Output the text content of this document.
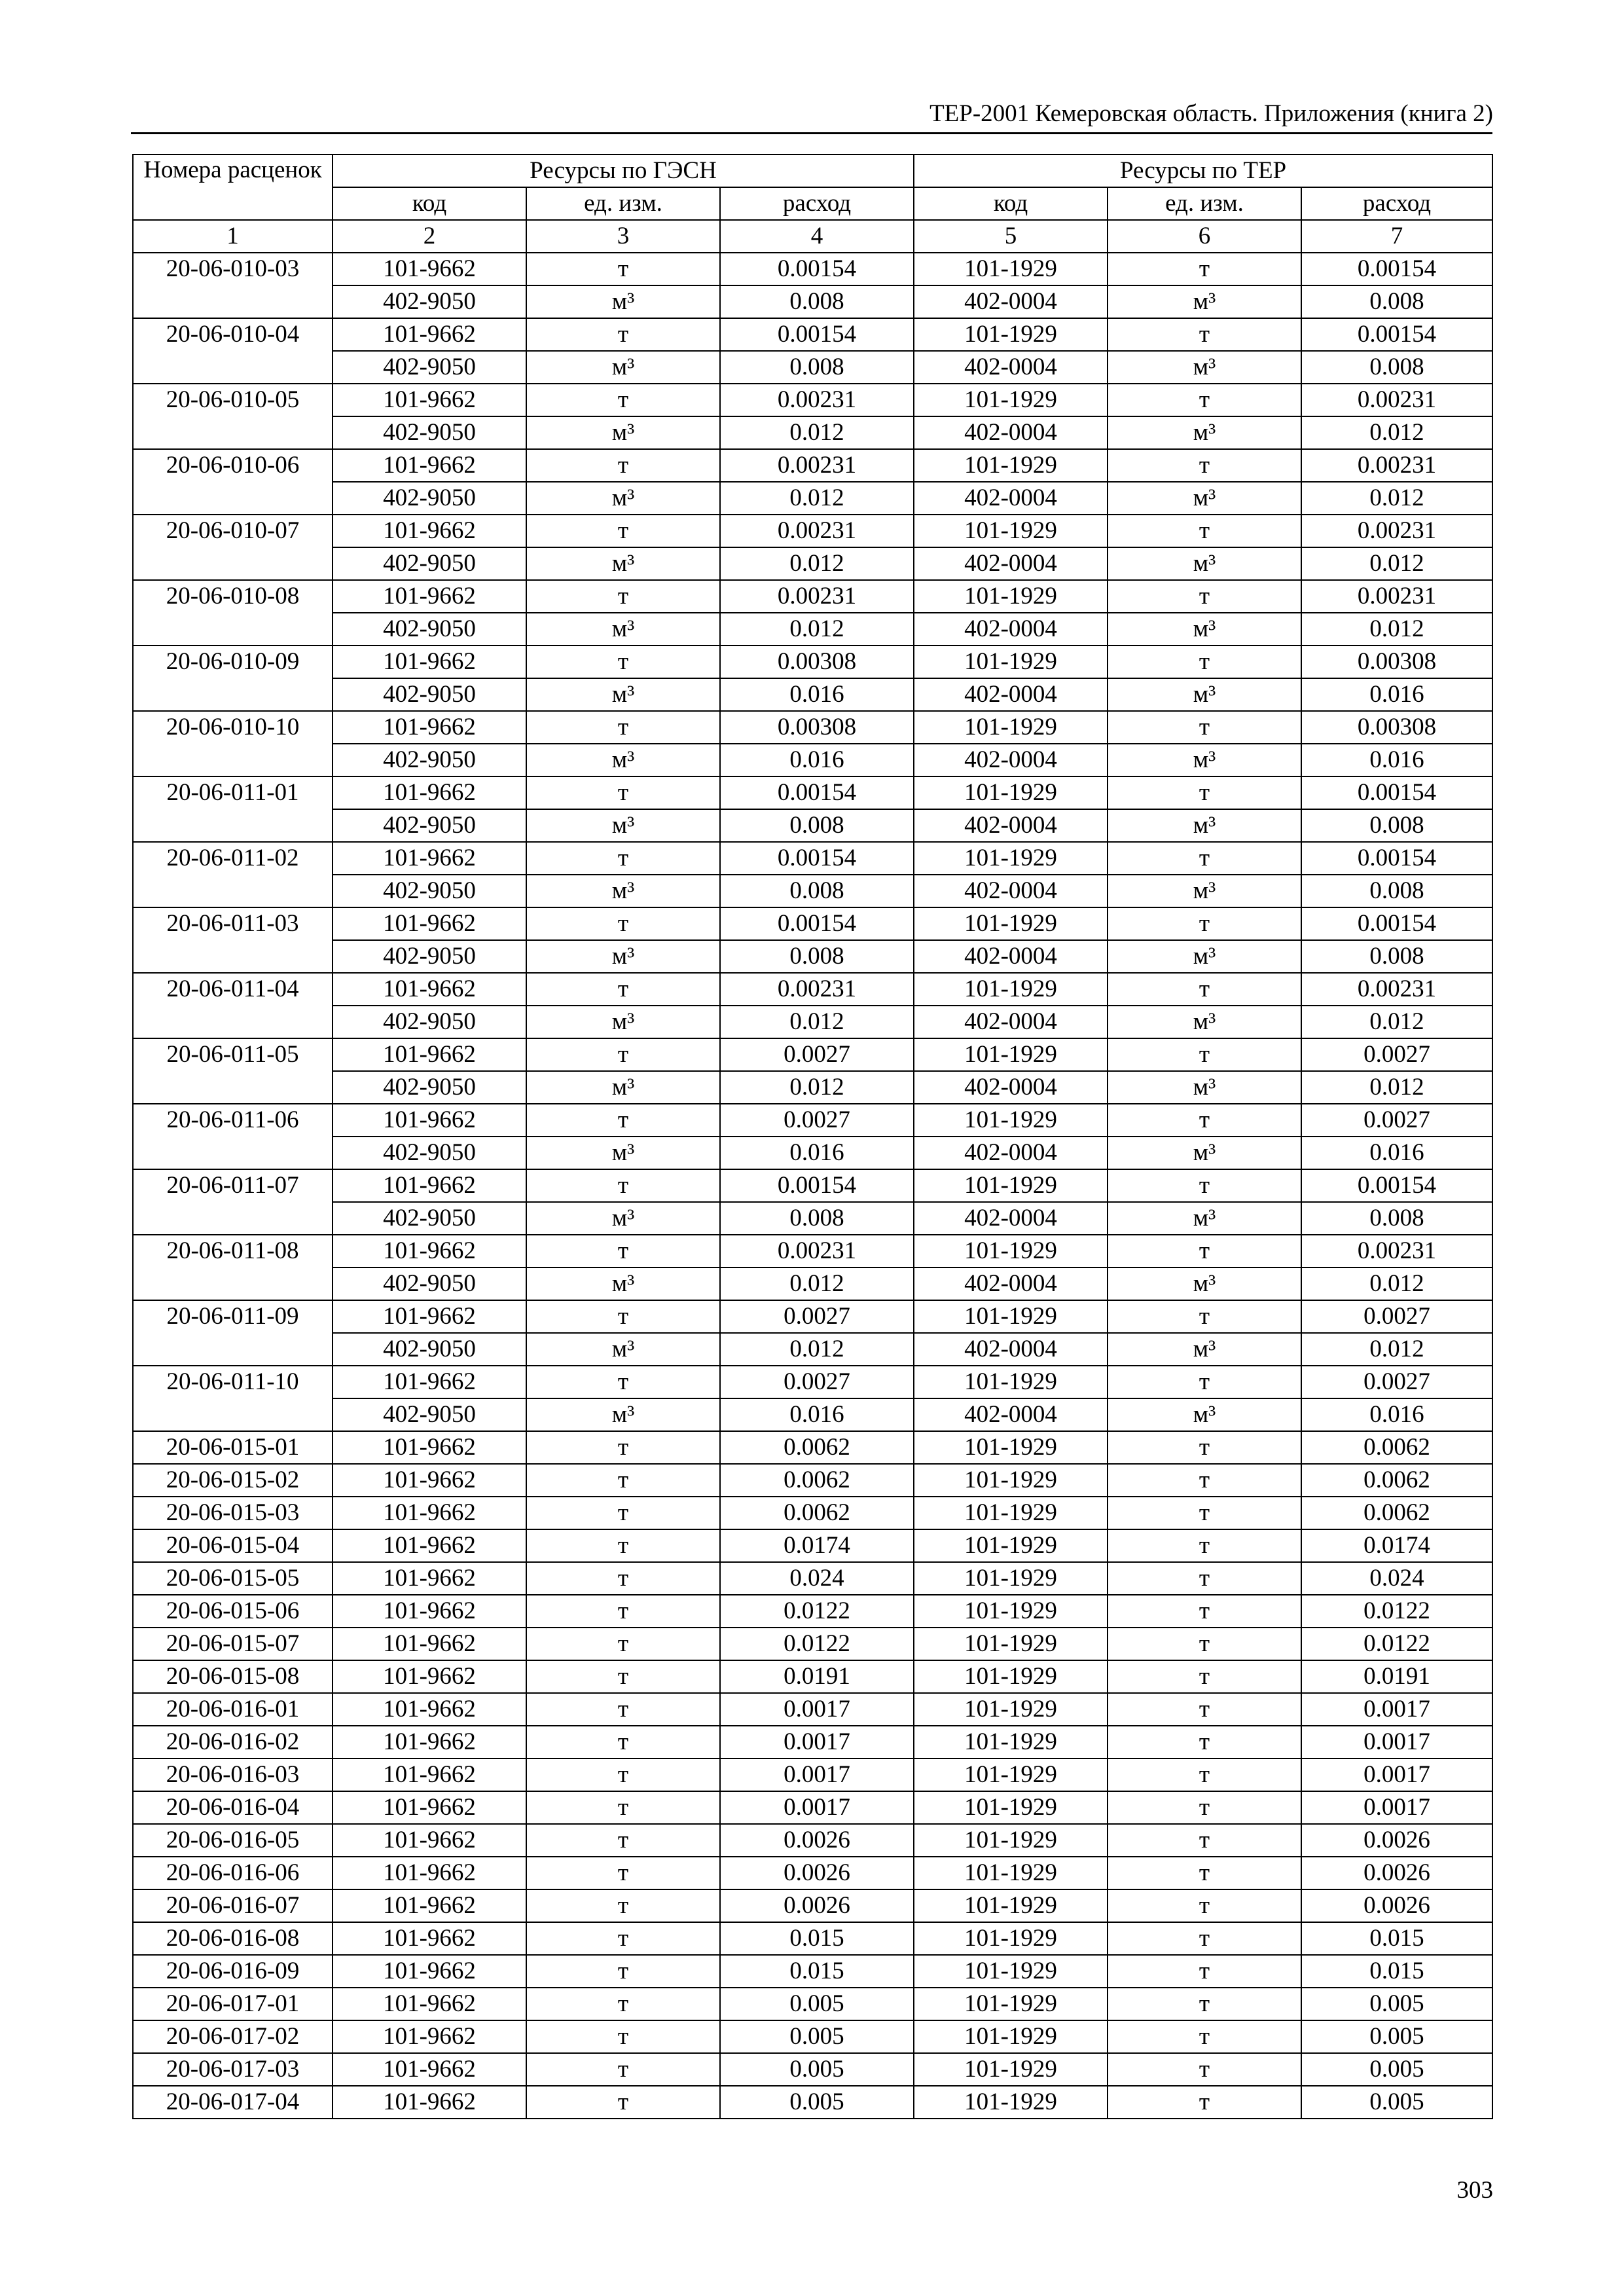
ТЕР-2001 Кемеровская область. Приложения (книга 2)
Номера расценок	Ресурсы по ГЭСН			Ресурсы по ТЕР		
	код	ед. изм.	расход	код	ед. изм.	расход
1	2	3	4	5	6	7
20-06-010-03	101-9662	т	0.00154	101-1929	т	0.00154
	402-9050	м³	0.008	402-0004	м³	0.008
20-06-010-04	101-9662	т	0.00154	101-1929	т	0.00154
	402-9050	м³	0.008	402-0004	м³	0.008
20-06-010-05	101-9662	т	0.00231	101-1929	т	0.00231
	402-9050	м³	0.012	402-0004	м³	0.012
20-06-010-06	101-9662	т	0.00231	101-1929	т	0.00231
	402-9050	м³	0.012	402-0004	м³	0.012
20-06-010-07	101-9662	т	0.00231	101-1929	т	0.00231
	402-9050	м³	0.012	402-0004	м³	0.012
20-06-010-08	101-9662	т	0.00231	101-1929	т	0.00231
	402-9050	м³	0.012	402-0004	м³	0.012
20-06-010-09	101-9662	т	0.00308	101-1929	т	0.00308
	402-9050	м³	0.016	402-0004	м³	0.016
20-06-010-10	101-9662	т	0.00308	101-1929	т	0.00308
	402-9050	м³	0.016	402-0004	м³	0.016
20-06-011-01	101-9662	т	0.00154	101-1929	т	0.00154
	402-9050	м³	0.008	402-0004	м³	0.008
20-06-011-02	101-9662	т	0.00154	101-1929	т	0.00154
	402-9050	м³	0.008	402-0004	м³	0.008
20-06-011-03	101-9662	т	0.00154	101-1929	т	0.00154
	402-9050	м³	0.008	402-0004	м³	0.008
20-06-011-04	101-9662	т	0.00231	101-1929	т	0.00231
	402-9050	м³	0.012	402-0004	м³	0.012
20-06-011-05	101-9662	т	0.0027	101-1929	т	0.0027
	402-9050	м³	0.012	402-0004	м³	0.012
20-06-011-06	101-9662	т	0.0027	101-1929	т	0.0027
	402-9050	м³	0.016	402-0004	м³	0.016
20-06-011-07	101-9662	т	0.00154	101-1929	т	0.00154
	402-9050	м³	0.008	402-0004	м³	0.008
20-06-011-08	101-9662	т	0.00231	101-1929	т	0.00231
	402-9050	м³	0.012	402-0004	м³	0.012
20-06-011-09	101-9662	т	0.0027	101-1929	т	0.0027
	402-9050	м³	0.012	402-0004	м³	0.012
20-06-011-10	101-9662	т	0.0027	101-1929	т	0.0027
	402-9050	м³	0.016	402-0004	м³	0.016
20-06-015-01	101-9662	т	0.0062	101-1929	т	0.0062
20-06-015-02	101-9662	т	0.0062	101-1929	т	0.0062
20-06-015-03	101-9662	т	0.0062	101-1929	т	0.0062
20-06-015-04	101-9662	т	0.0174	101-1929	т	0.0174
20-06-015-05	101-9662	т	0.024	101-1929	т	0.024
20-06-015-06	101-9662	т	0.0122	101-1929	т	0.0122
20-06-015-07	101-9662	т	0.0122	101-1929	т	0.0122
20-06-015-08	101-9662	т	0.0191	101-1929	т	0.0191
20-06-016-01	101-9662	т	0.0017	101-1929	т	0.0017
20-06-016-02	101-9662	т	0.0017	101-1929	т	0.0017
20-06-016-03	101-9662	т	0.0017	101-1929	т	0.0017
20-06-016-04	101-9662	т	0.0017	101-1929	т	0.0017
20-06-016-05	101-9662	т	0.0026	101-1929	т	0.0026
20-06-016-06	101-9662	т	0.0026	101-1929	т	0.0026
20-06-016-07	101-9662	т	0.0026	101-1929	т	0.0026
20-06-016-08	101-9662	т	0.015	101-1929	т	0.015
20-06-016-09	101-9662	т	0.015	101-1929	т	0.015
20-06-017-01	101-9662	т	0.005	101-1929	т	0.005
20-06-017-02	101-9662	т	0.005	101-1929	т	0.005
20-06-017-03	101-9662	т	0.005	101-1929	т	0.005
20-06-017-04	101-9662	т	0.005	101-1929	т	0.005
303
